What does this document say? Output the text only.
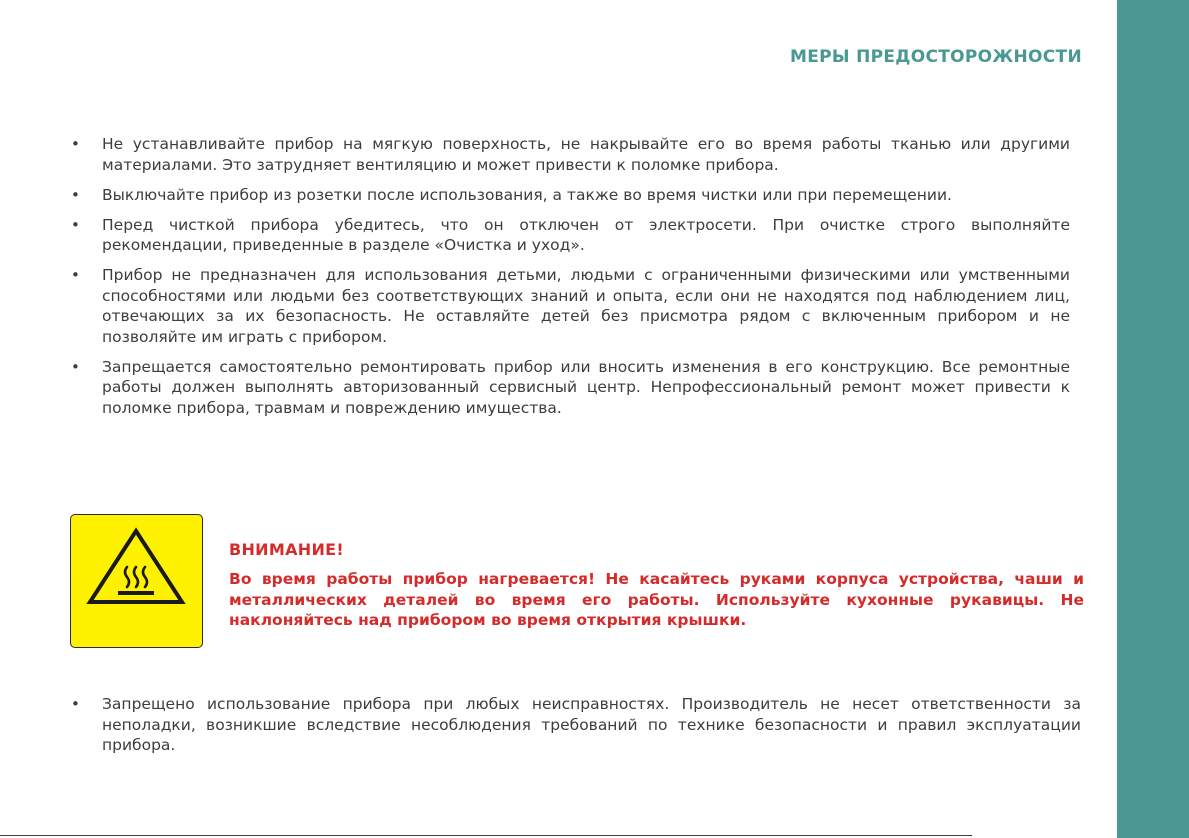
МЕРЫ ПРЕДОСТОРОЖНОСТИ
• Не устанавливайте прибор на мягкую поверхность, не накрывайте его во время работы тканью или другими материалами. Это затрудняет вентиляцию и может привести к поломке прибора.
• Выключайте прибор из розетки после использования, а также во время чистки или при перемещении.
• Перед чисткой прибора убедитесь, что он отключен от электросети. При очистке строго выполняйте рекомендации, приведенные в разделе «Очистка и уход».
• Прибор не предназначен для использования детьми, людьми с ограниченными физическими или умственными способностями или людьми без соответствующих знаний и опыта, если они не находятся под наблюдением лиц, отвечающих за их безопасность. Не оставляйте детей без присмотра рядом с включенным прибором и не позволяйте им играть с прибором.
• Запрещается самостоятельно ремонтировать прибор или вносить изменения в его конструкцию. Все ремонтные работы должен выполнять авторизованный сервисный центр. Непрофессиональный ремонт может привести к поломке прибора, травмам и повреждению имущества.

ВНИМАНИЕ!

Во время работы прибор нагревается! Не касайтесь руками корпуса устройства, чаши и металлических деталей во время его работы. Используйте кухонные рукавицы. Не наклоняйтесь над прибором во время открытия крышки.

• Запрещено использование прибора при любых неисправностях. Производитель не несет ответственности за неполадки, возникшие вследствие несоблюдения требований по технике безопасности и правил эксплуатации прибора.
